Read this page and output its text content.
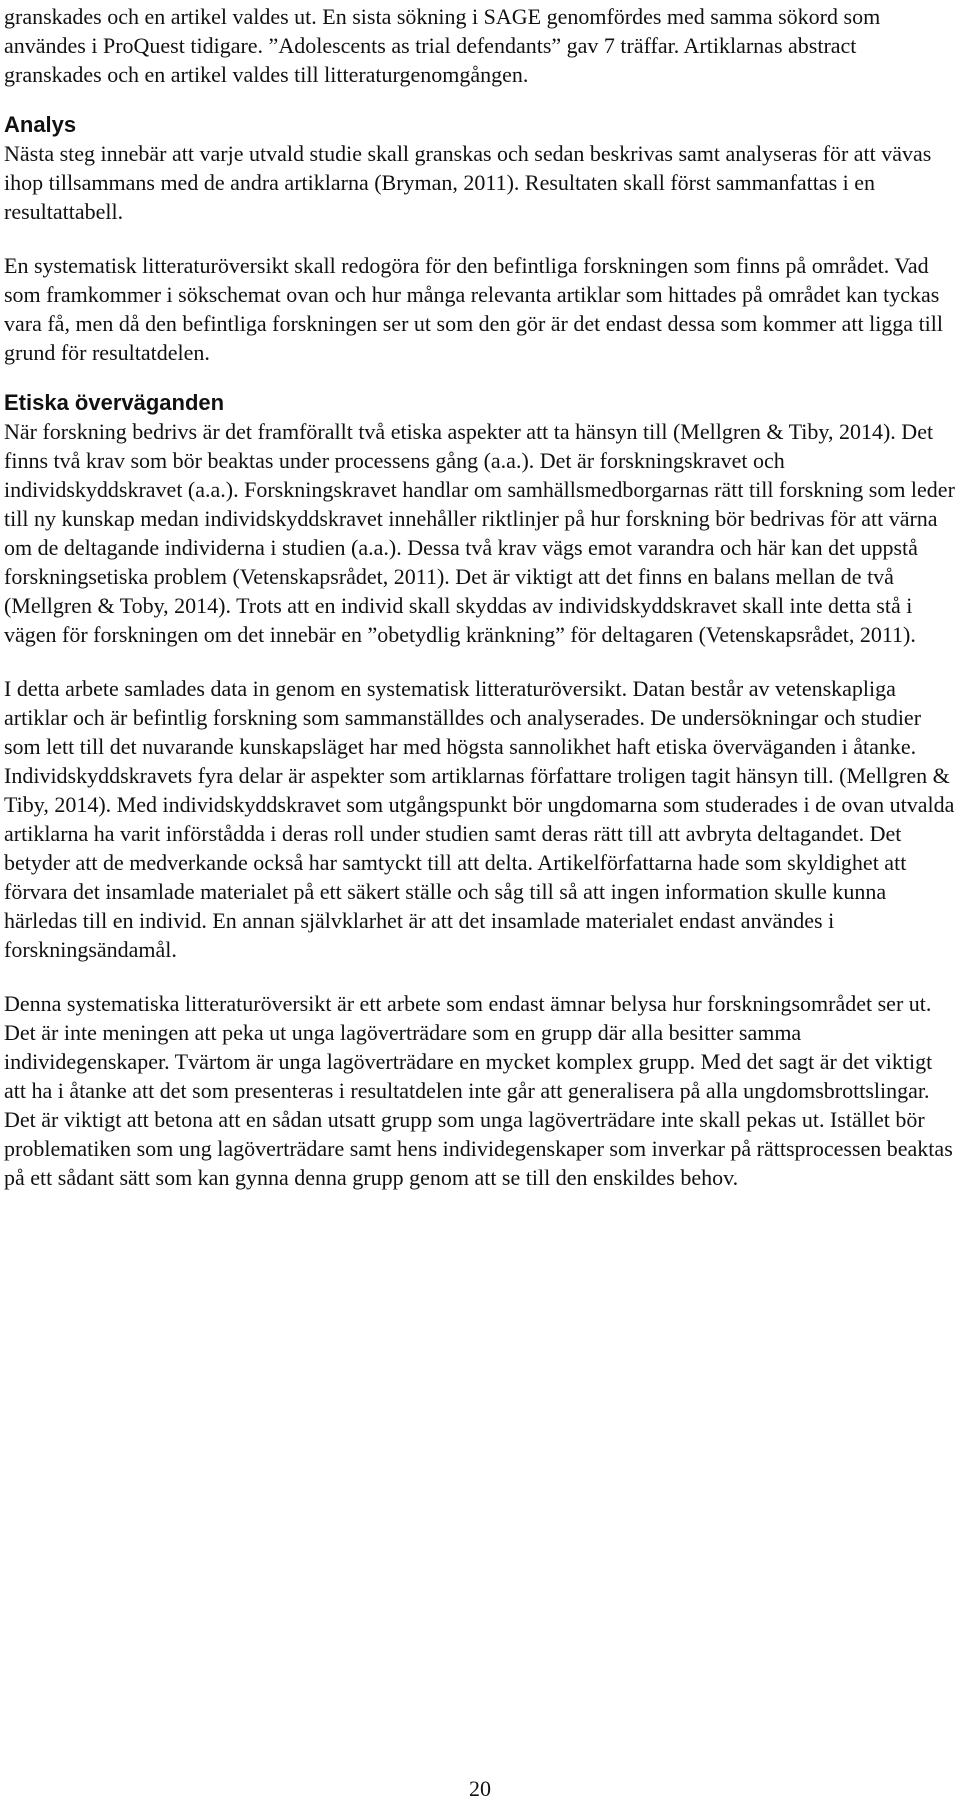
granskades och en artikel valdes ut. En sista sökning i SAGE genomfördes med samma sökord som användes i ProQuest tidigare. ”Adolescents as trial defendants” gav 7 träffar. Artiklarnas abstract granskades och en artikel valdes till litteraturgenomgången.

Analys

Nästa steg innebär att varje utvald studie skall granskas och sedan beskrivas samt analyseras för att vävas ihop tillsammans med de andra artiklarna (Bryman, 2011). Resultaten skall först sammanfattas i en resultattabell.

En systematisk litteraturöversikt skall redogöra för den befintliga forskningen som finns på området. Vad som framkommer i sökschemat ovan och hur många relevanta artiklar som hittades på området kan tyckas vara få, men då den befintliga forskningen ser ut som den gör är det endast dessa som kommer att ligga till grund för resultatdelen.

Etiska överväganden

När forskning bedrivs är det framförallt två etiska aspekter att ta hänsyn till (Mellgren & Tiby, 2014). Det finns två krav som bör beaktas under processens gång (a.a.). Det är forskningskravet och individskyddskravet (a.a.). Forskningskravet handlar om samhällsmedborgarnas rätt till forskning som leder till ny kunskap medan individskyddskravet innehåller riktlinjer på hur forskning bör bedrivas för att värna om de deltagande individerna i studien (a.a.). Dessa två krav vägs emot varandra och här kan det uppstå forskningsetiska problem (Vetenskapsrådet, 2011). Det är viktigt att det finns en balans mellan de två (Mellgren & Toby, 2014). Trots att en individ skall skyddas av individskyddskravet skall inte detta stå i vägen för forskningen om det innebär en ”obetydlig kränkning” för deltagaren (Vetenskapsrådet, 2011).

I detta arbete samlades data in genom en systematisk litteraturöversikt. Datan består av vetenskapliga artiklar och är befintlig forskning som sammanställdes och analyserades. De undersökningar och studier som lett till det nuvarande kunskapsläget har med högsta sannolikhet haft etiska överväganden i åtanke. Individskyddskravets fyra delar är aspekter som artiklarnas författare troligen tagit hänsyn till. (Mellgren & Tiby, 2014). Med individskyddskravet som utgångspunkt bör ungdomarna som studerades i de ovan utvalda artiklarna ha varit införstådda i deras roll under studien samt deras rätt till att avbryta deltagandet. Det betyder att de medverkande också har samtyckt till att delta. Artikelförfattarna hade som skyldighet att förvara det insamlade materialet på ett säkert ställe och såg till så att ingen information skulle kunna härledas till en individ. En annan självklarhet är att det insamlade materialet endast användes i forskningsändamål.

Denna systematiska litteraturöversikt är ett arbete som endast ämnar belysa hur forskningsområdet ser ut. Det är inte meningen att peka ut unga lagöverträdare som en grupp där alla besitter samma individegenskaper. Tvärtom är unga lagöverträdare en mycket komplex grupp. Med det sagt är det viktigt att ha i åtanke att det som presenteras i resultatdelen inte går att generalisera på alla ungdomsbrottslingar. Det är viktigt att betona att en sådan utsatt grupp som unga lagöverträdare inte skall pekas ut. Istället bör problematiken som ung lagöverträdare samt hens individegenskaper som inverkar på rättsprocessen beaktas på ett sådant sätt som kan gynna denna grupp genom att se till den enskildes behov.

20
